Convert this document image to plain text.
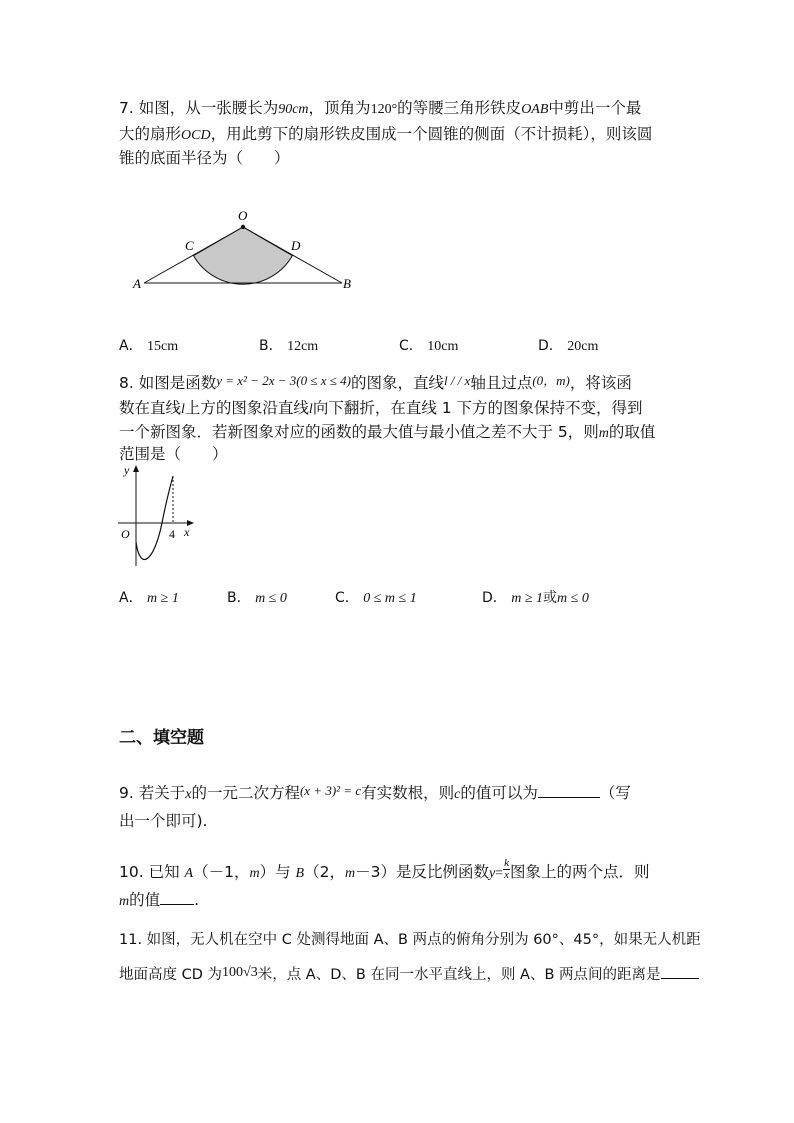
7. 如图，从一张腰长为90cm，顶角为120°的等腰三角形铁皮OAB中剪出一个最
大的扇形OCD，用此剪下的扇形铁皮围成一个圆锥的侧面（不计损耗），则该圆
锥的底面半径为（　　）
O
C	D
A	B
A． 15cm	B． 12cm	C． 10cm	D． 20cm
8. 如图是函数y = x² − 2x − 3(0 ≤ x ≤ 4)的图象，直线l / / x轴且过点(0，m)，将该函
数在直线l上方的图象沿直线l向下翻折，在直线 1 下方的图象保持不变，得到
一个新图象．若新图象对应的函数的最大值与最小值之差不大于 5，则m的取值
范围是（　　）
y
O	4 x
A． m ≥ 1	B． m ≤ 0	C． 0 ≤ m ≤ 1	D． m ≥ 1或m ≤ 0
二、填空题
9. 若关于x的一元二次方程(x + 3)² = c有实数根，则c的值可以为	（写
出一个即可).
10. 已知 A（－1，m）与 B（2，m－3）是反比例函数$y= \frac{k}{x}$ 图象上的两个点．则
m的值 .
11. 如图，无人机在空中 C 处测得地面 A、B 两点的俯角分别为 60°、45°，如果无人机距
地面高度 CD 为100√3米，点 A、D、B 在同一水平直线上，则 A、B 两点间的距离是
